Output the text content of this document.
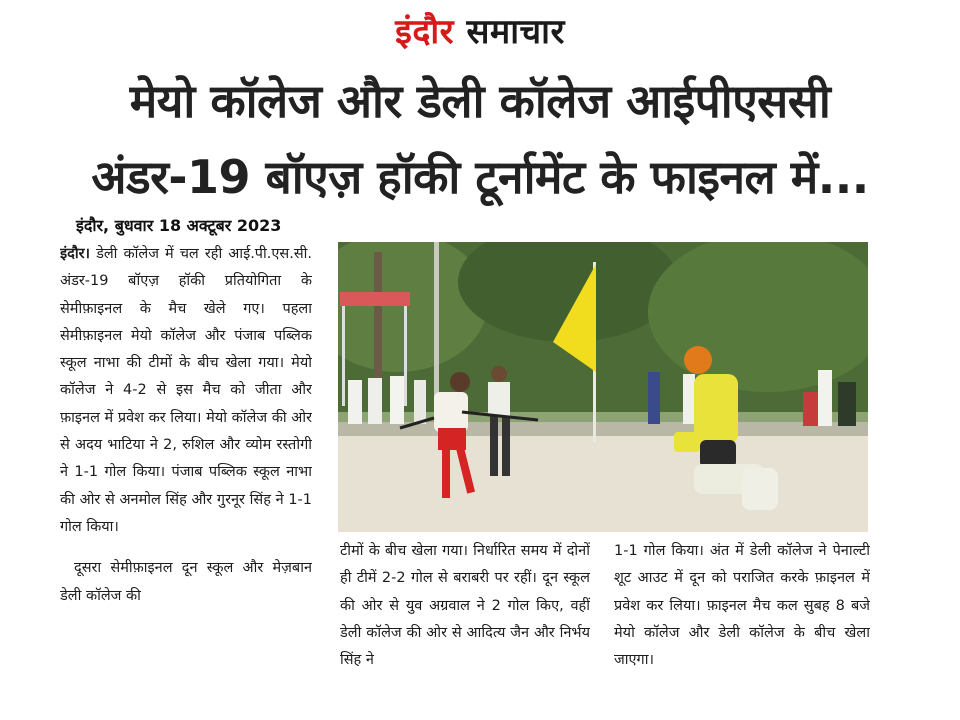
इंदौर समाचार
मेयो कॉलेज और डेली कॉलेज आईपीएससी
अंडर-19 बॉएज़ हॉकी टूर्नामेंट के फाइनल में...
इंदौर, बुधवार 18 अक्टूबर 2023

इंदौर। डेली कॉलेज में चल रही आई.पी.एस.सी. अंडर-19 बॉएज़ हॉकी प्रतियोगिता के सेमीफ़ाइनल के मैच खेले गए। पहला सेमीफ़ाइनल मेयो कॉलेज और पंजाब पब्लिक स्कूल नाभा की टीमों के बीच खेला गया। मेयो कॉलेज ने 4-2 से इस मैच को जीता और फ़ाइनल में प्रवेश कर लिया। मेयो कॉलेज की ओर से अदय भाटिया ने 2, रुशिल और व्योम रस्तोगी ने 1-1 गोल किया। पंजाब पब्लिक स्कूल नाभा की ओर से अनमोल सिंह और गुरनूर सिंह ने 1-1 गोल किया।

दूसरा सेमीफ़ाइनल दून स्कूल और मेज़बान डेली कॉलेज की

टीमों के बीच खेला गया। निर्धारित समय में दोनों ही टीमें 2-2 गोल से बराबरी पर रहीं। दून स्कूल की ओर से युव अग्रवाल ने 2 गोल किए, वहीं डेली कॉलेज की ओर से आदित्य जैन और निर्भय सिंह ने
1-1 गोल किया। अंत में डेली कॉलेज ने पेनाल्टी शूट आउट में दून को पराजित करके फ़ाइनल में प्रवेश कर लिया। फ़ाइनल मैच कल सुबह 8 बजे मेयो कॉलेज और डेली कॉलेज के बीच खेला जाएगा।
